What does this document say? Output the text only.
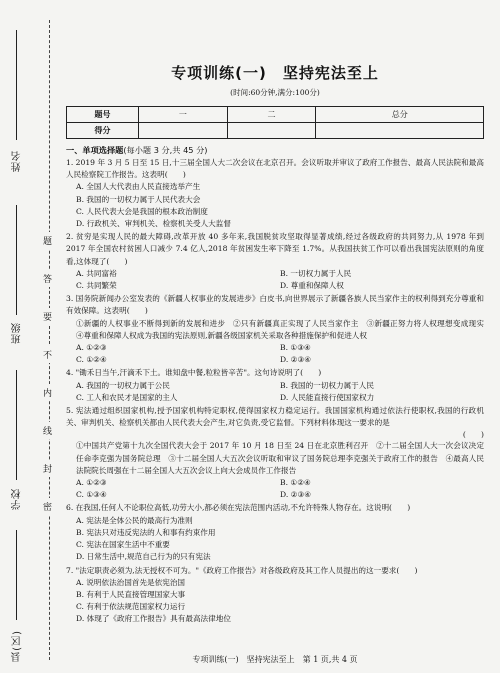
姓名
班级
学校
县(区)
题
答
要
不
内
线
封
密
专项训练(一)　坚持宪法至上
(时间:60分钟,满分:100分)
题号	一	二	总分
得分			
一、单项选择题(每小题 3 分,共 45 分)
1. 2019 年 3 月 5 日至 15 日,十三届全国人大二次会议在北京召开。会议听取并审议了政府工作报告、最高人民法院和最高人民检察院工作报告。这表明(　　)
A. 全国人大代表由人民直接选举产生
B. 我国的一切权力属于人民代表大会
C. 人民代表大会是我国的根本政治制度
D. 行政机关、审判机关、检察机关受人大监督
2. 贫穷是实现人民的最大障碍,改革开放 40 多年来,我国脱贫攻坚取得显著成绩,经过各级政府的共同努力,从 1978 年到 2017 年全国农村贫困人口减少 7.4 亿人,2018 年贫困发生率下降至 1.7%。从我国扶贫工作可以看出我国宪法原则的角度看,这体现了(　　)
A. 共同富裕	B. 一切权力属于人民
C. 共同繁荣	D. 尊重和保障人权
3. 国务院新闻办公室发表的《新疆人权事业的发展进步》白皮书,向世界展示了新疆各族人民当家作主的权利得到充分尊重和有效保障。这表明(　　)
①新疆的人权事业不断得到新的发展和进步　②只有新疆真正实现了人民当家作主　③新疆正努力将人权理想变成现实　④尊重和保障人权成为我国的宪法原则,新疆各级国家机关采取各种措施保护和促进人权
A. ①②③	B. ①③④
C. ①②④	D. ②③④
4. "锄禾日当午,汗滴禾下土。谁知盘中餐,粒粒皆辛苦"。这句诗说明了(　　)
A. 我国的一切权力属于公民	B. 我国的一切权力属于人民
C. 工人和农民才是国家的主人	D. 人民能直接行使国家权力
5. 宪法通过组织国家机构,授予国家机构特定职权,使得国家权力稳定运行。我国国家机构通过依法行使职权,我国的行政机关、审判机关、检察机关都由人民代表大会产生,对它负责,受它监督。下列材料体现这一要求的是
(　　)
①中国共产党第十九次全国代表大会于 2017 年 10 月 18 日至 24 日在北京胜利召开　②十二届全国人大一次会议决定任命李克强为国务院总理　③十二届全国人大五次会议听取和审议了国务院总理李克强关于政府工作的报告　④最高人民法院院长周强在十二届全国人大五次会议上向大会成员作工作报告
A. ①②③	B. ①②④
C. ①③④	D. ②③④
6. 在我国,任何人不论职位高低,功劳大小,都必须在宪法范围内活动,不允许特殊人物存在。这说明(　　)
A. 宪法是全体公民的最高行为准则
B. 宪法只对违反宪法的人和事有约束作用
C. 宪法在国家生活中不重要
D. 日常生活中,规范自己行为的只有宪法
7. "法定职责必须为,法无授权不可为。"《政府工作报告》对各级政府及其工作人员提出的这一要求(　　)
A. 说明依法治国首先是依宪治国
B. 有利于人民直接管理国家大事
C. 有利于依法规范国家权力运行
D. 体现了《政府工作报告》具有最高法律地位
专项训练(一)　坚持宪法至上　第 1 页,共 4 页
